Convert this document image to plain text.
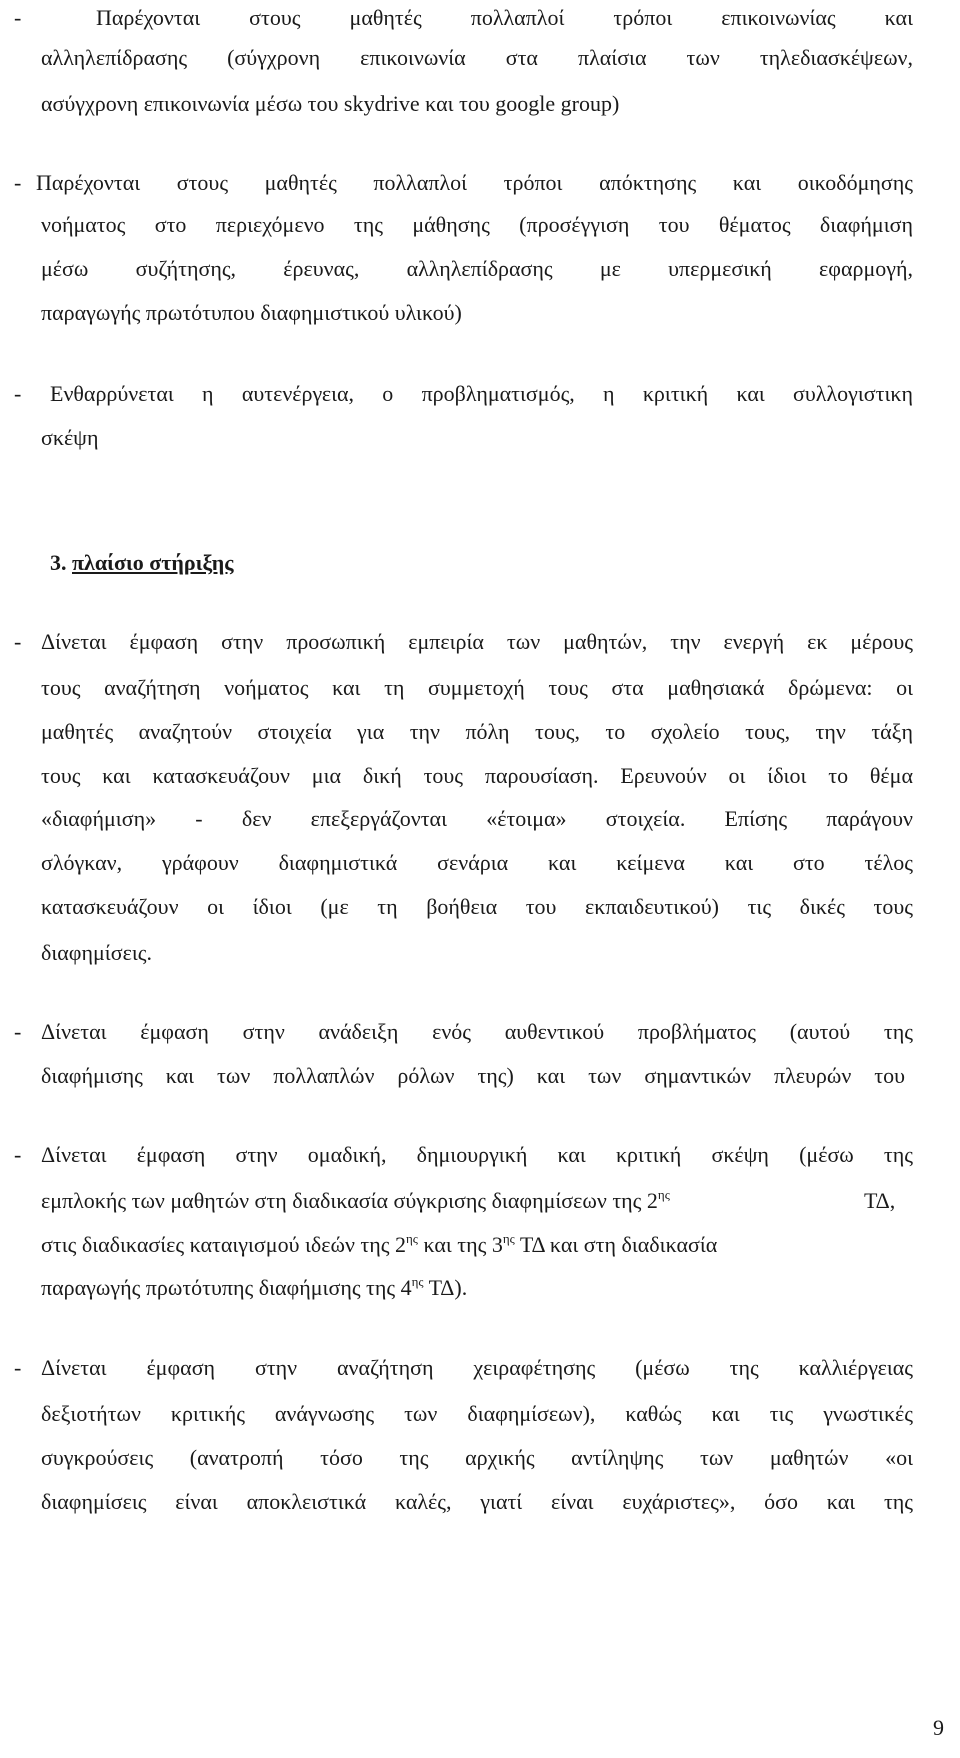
-	Παρέχονται στους μαθητές πολλαπλοί τρόποι επικοινωνίας και
αλληλεπίδρασης (σύγχρονη επικοινωνία στα πλαίσια των τηλεδιασκέψεων,
ασύγχρονη επικοινωνία μέσω του skydrive και του google group)
- Παρέχονται στους μαθητές πολλαπλοί τρόποι απόκτησης και οικοδόμησης
νοήματος στο περιεχόμενο της μάθησης (προσέγγιση του θέματος διαφήμιση
μέσω συζήτησης, έρευνας, αλληλεπίδρασης με υπερμεσική εφαρμογή,
παραγωγής πρωτότυπου διαφημιστικού υλικού)
- Ενθαρρύνεται η αυτενέργεια, ο προβληματισμός, η κριτική και συλλογιστικη
σκέψη
3. πλαίσιο στήριξης
- Δίνεται έμφαση στην προσωπική εμπειρία των μαθητών, την ενεργή εκ μέρους
τους αναζήτηση νοήματος και τη συμμετοχή τους στα μαθησιακά δρώμενα: οι
μαθητές αναζητούν στοιχεία για την πόλη τους, το σχολείο τους, την τάξη
τους και κατασκευάζουν μια δική τους παρουσίαση. Ερευνούν οι ίδιοι το θέμα
«διαφήμιση» - δεν επεξεργάζονται «έτοιμα» στοιχεία. Επίσης παράγουν
σλόγκαν, γράφουν διαφημιστικά σενάρια και κείμενα και στο τέλος
κατασκευάζουν οι ίδιοι (με τη βοήθεια του εκπαιδευτικού) τις δικές τους
διαφημίσεις.
- Δίνεται έμφαση στην ανάδειξη ενός αυθεντικού προβλήματος (αυτού της
διαφήμισης και των πολλαπλών ρόλων της) και των σημαντικών πλευρών του
- Δίνεται έμφαση στην ομαδική, δημιουργική και κριτική σκέψη (μέσω της
εμπλοκής των μαθητών στη διαδικασία σύγκρισης διαφημίσεων της $2^{\eta\varsigma}$	ΤΔ,
στις διαδικασίες καταιγισμού ιδεών της $2^{\eta\varsigma}$ και της $3^{\eta\varsigma}$ ΤΔ και στη διαδικασία
παραγωγής πρωτότυπης διαφήμισης της $4^{\eta\varsigma}$ ΤΔ).
- Δίνεται έμφαση στην αναζήτηση χειραφέτησης (μέσω της καλλιέργειας
δεξιοτήτων κριτικής ανάγνωσης των διαφημίσεων), καθώς και τις γνωστικές
συγκρούσεις (ανατροπή τόσο της αρχικής αντίληψης των μαθητών «οι
διαφημίσεις είναι αποκλειστικά καλές, γιατί είναι ευχάριστες», όσο και της
9
